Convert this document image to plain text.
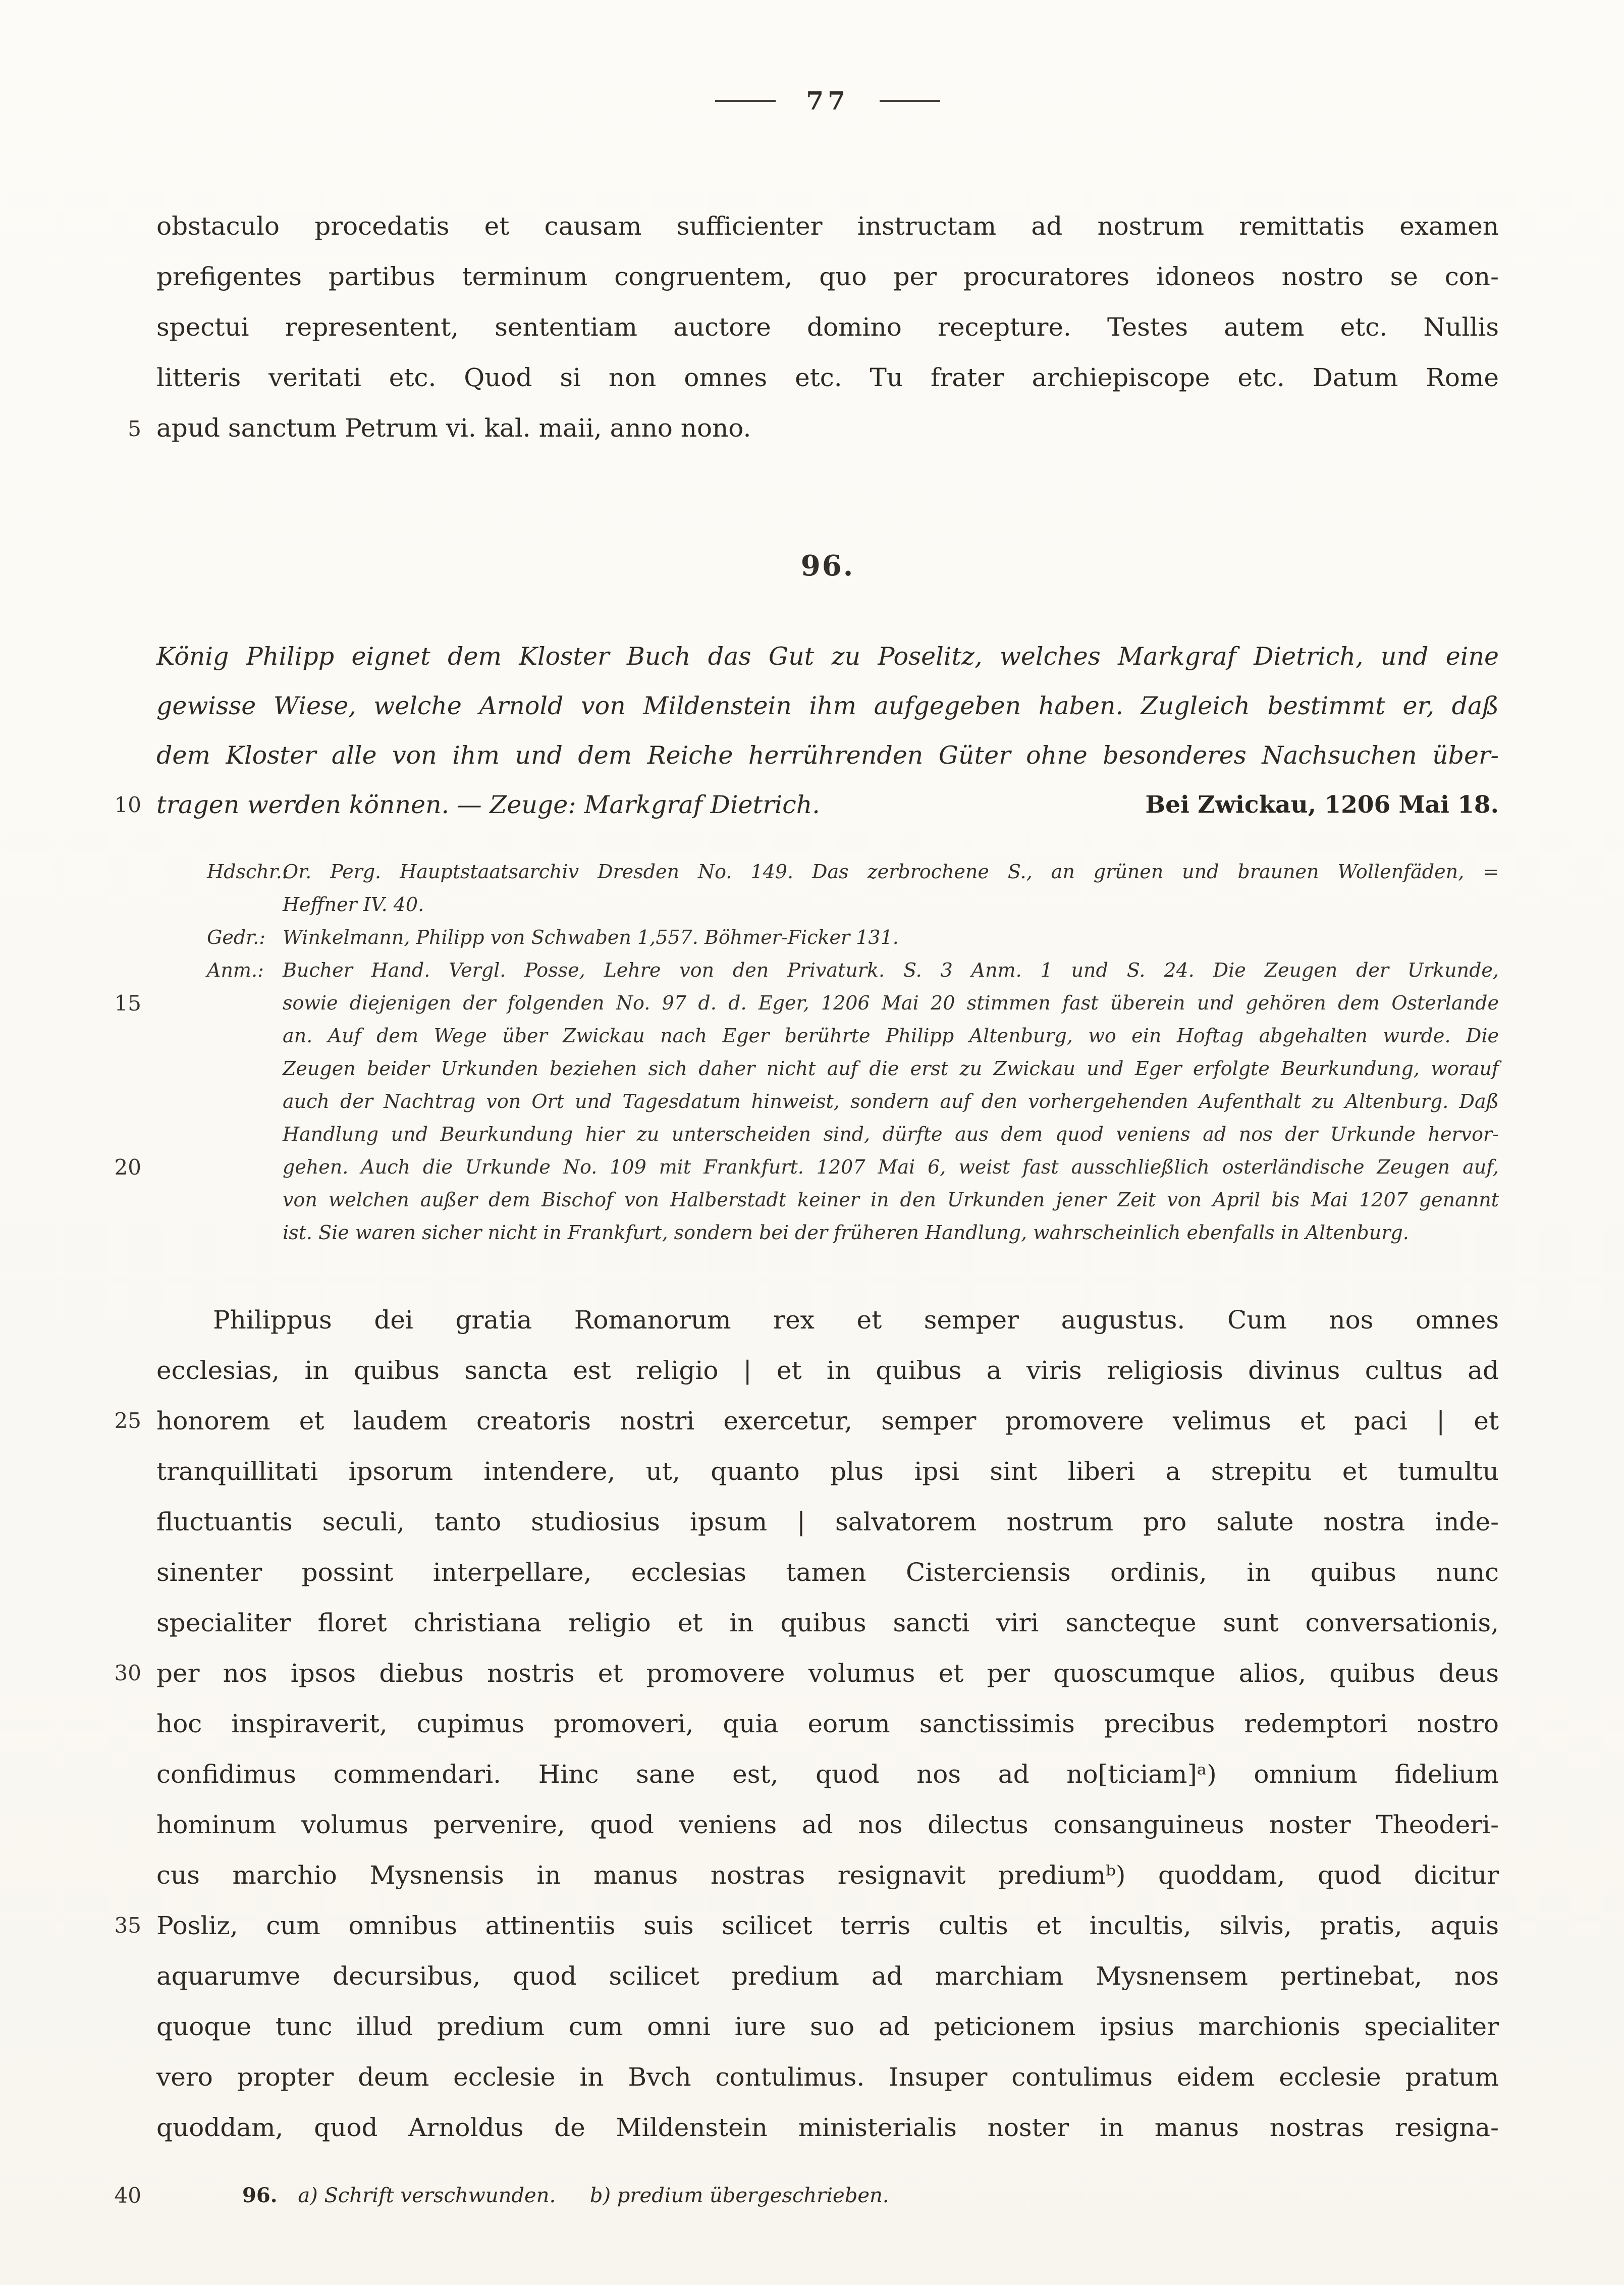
5
10
15
20
25
30
35
40
77
obstaculo procedatis et causam sufficienter instructam ad nostrum remittatis examen
prefigentes partibus terminum congruentem, quo per procuratores idoneos nostro se con-
spectui representent, sententiam auctore domino recepture. Testes autem etc. Nullis
litteris veritati etc. Quod si non omnes etc. Tu frater archiepiscope etc. Datum Rome
apud sanctum Petrum vi. kal. maii, anno nono.
96.
König Philipp eignet dem Kloster Buch das Gut zu Poselitz, welches Markgraf Dietrich, und eine
gewisse Wiese, welche Arnold von Mildenstein ihm aufgegeben haben. Zugleich bestimmt er, daß
dem Kloster alle von ihm und dem Reiche herrührenden Güter ohne besonderes Nachsuchen über-
tragen werden können. — Zeuge: Markgraf Dietrich.	Bei Zwickau, 1206 Mai 18.
Hdschr.:
Or. Perg. Hauptstaatsarchiv Dresden No. 149. Das zerbrochene S., an grünen und braunen Wollenfäden, =
Heffner IV. 40.
Gedr.: Winkelmann, Philipp von Schwaben 1,557. Böhmer-Ficker 131.
Anm.: Bucher Hand. Vergl. Posse, Lehre von den Privaturk. S. 3 Anm. 1 und S. 24. Die Zeugen der Urkunde,
sowie diejenigen der folgenden No. 97 d. d. Eger, 1206 Mai 20 stimmen fast überein und gehören dem Osterlande
an. Auf dem Wege über Zwickau nach Eger berührte Philipp Altenburg, wo ein Hoftag abgehalten wurde. Die
Zeugen beider Urkunden beziehen sich daher nicht auf die erst zu Zwickau und Eger erfolgte Beurkundung, worauf
auch der Nachtrag von Ort und Tagesdatum hinweist, sondern auf den vorhergehenden Aufenthalt zu Altenburg. Daß
Handlung und Beurkundung hier zu unterscheiden sind, dürfte aus dem quod veniens ad nos der Urkunde hervor-
gehen. Auch die Urkunde No. 109 mit Frankfurt. 1207 Mai 6, weist fast ausschließlich osterländische Zeugen auf,
von welchen außer dem Bischof von Halberstadt keiner in den Urkunden jener Zeit von April bis Mai 1207 genannt
ist. Sie waren sicher nicht in Frankfurt, sondern bei der früheren Handlung, wahrscheinlich ebenfalls in Altenburg.
Philippus dei gratia Romanorum rex et semper augustus. Cum nos omnes
ecclesias, in quibus sancta est religio | et in quibus a viris religiosis divinus cultus ad
honorem et laudem creatoris nostri exercetur, semper promovere velimus et paci | et
tranquillitati ipsorum intendere, ut, quanto plus ipsi sint liberi a strepitu et tumultu
fluctuantis seculi, tanto studiosius ipsum | salvatorem nostrum pro salute nostra inde-
sinenter possint interpellare, ecclesias tamen Cisterciensis ordinis, in quibus nunc
specialiter floret christiana religio et in quibus sancti viri sancteque sunt conversationis,
per nos ipsos diebus nostris et promovere volumus et per quoscumque alios, quibus deus
hoc inspiraverit, cupimus promoveri, quia eorum sanctissimis precibus redemptori nostro
confidimus commendari. Hinc sane est, quod nos ad no[ticiam]ᵃ) omnium fidelium
hominum volumus pervenire, quod veniens ad nos dilectus consanguineus noster Theoderi-
cus marchio Mysnensis in manus nostras resignavit prediumᵇ) quoddam, quod dicitur
Posliz, cum omnibus attinentiis suis scilicet terris cultis et incultis, silvis, pratis, aquis
aquarumve decursibus, quod scilicet predium ad marchiam Mysnensem pertinebat, nos
quoque tunc illud predium cum omni iure suo ad peticionem ipsius marchionis specialiter
vero propter deum ecclesie in Bvch contulimus. Insuper contulimus eidem ecclesie pratum
quoddam, quod Arnoldus de Mildenstein ministerialis noster in manus nostras resigna-
96. a) Schrift verschwunden. b) predium übergeschrieben.
